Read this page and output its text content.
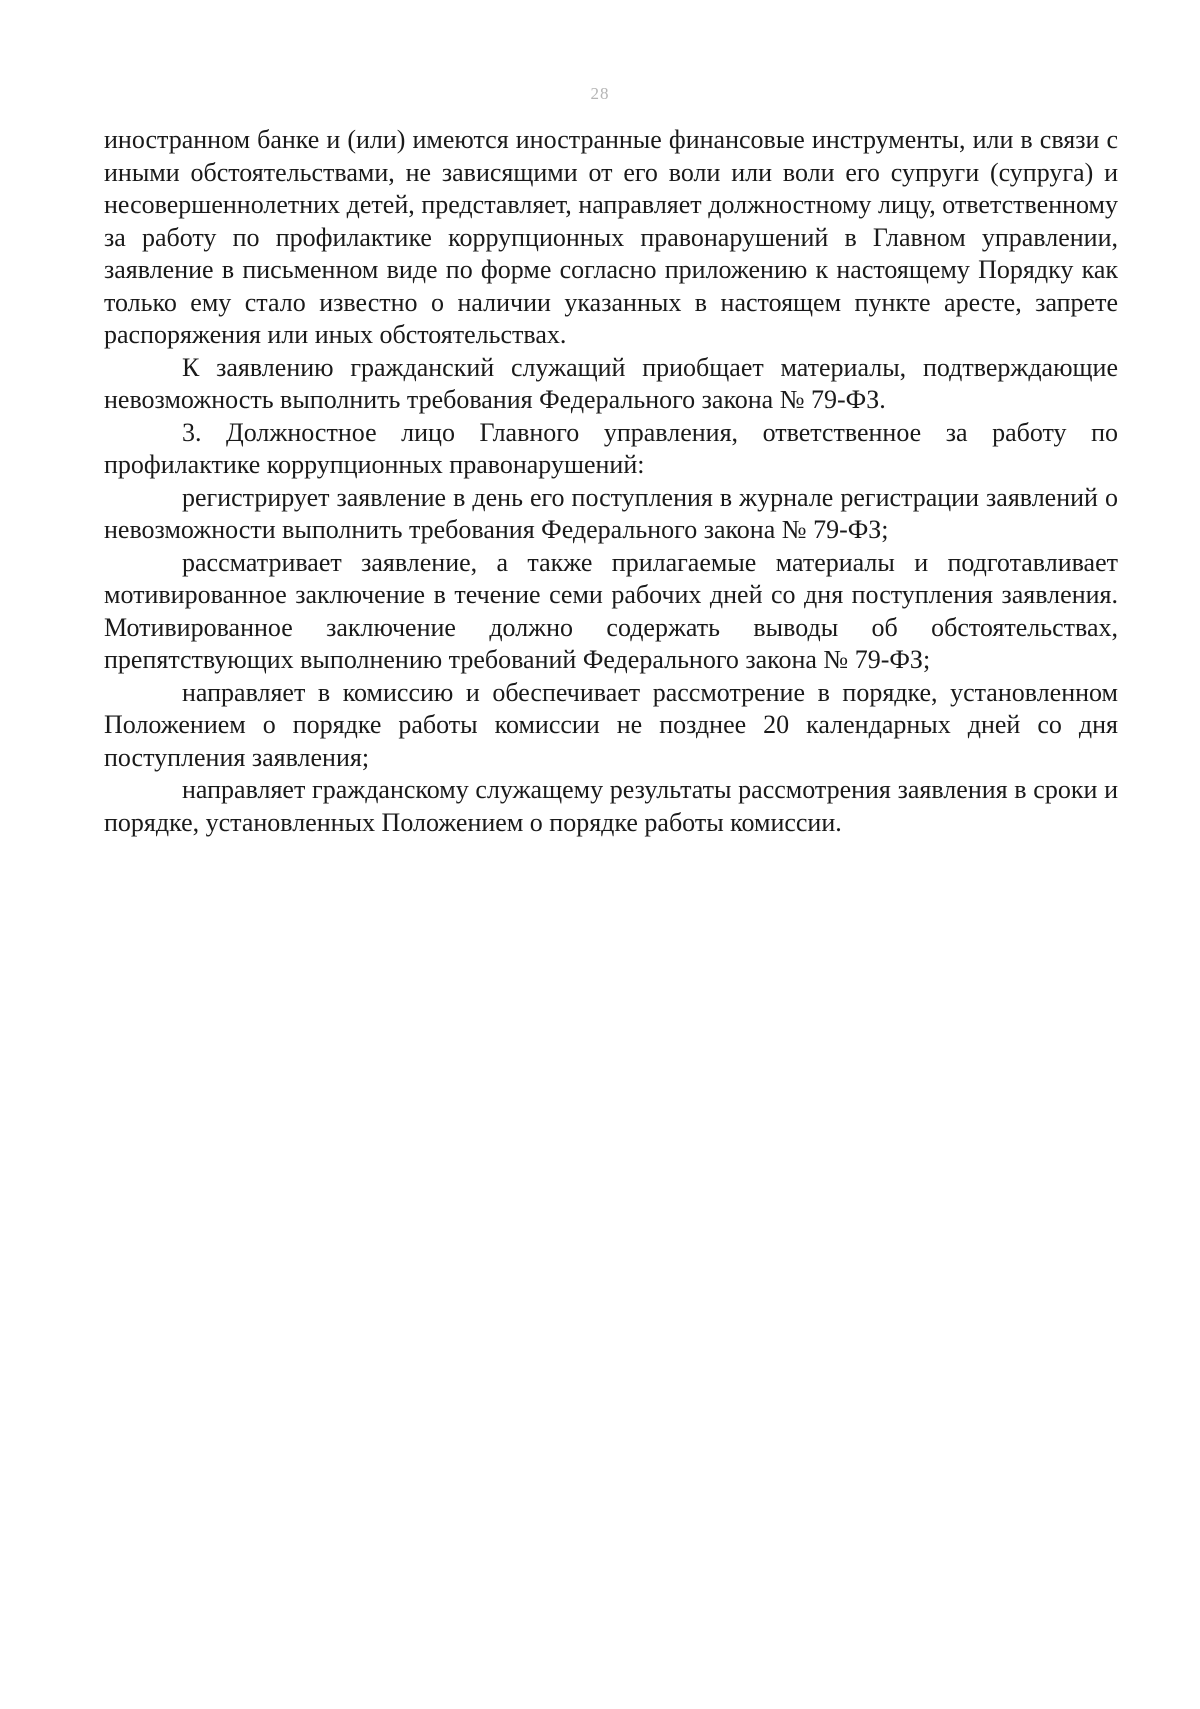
28

иностранном банке и (или) имеются иностранные финансовые инструменты, или в связи с иными обстоятельствами, не зависящими от его воли или воли его супруги (супруга) и несовершеннолетних детей, представляет, направляет должностному лицу, ответственному за работу по профилактике коррупционных правонарушений в Главном управлении, заявление в письменном виде по форме согласно приложению к настоящему Порядку как только ему стало известно о наличии указанных в настоящем пункте аресте, запрете распоряжения или иных обстоятельствах.

К заявлению гражданский служащий приобщает материалы, подтверждающие невозможность выполнить требования Федерального закона № 79-ФЗ.

3. Должностное лицо Главного управления, ответственное за работу по профилактике коррупционных правонарушений:

регистрирует заявление в день его поступления в журнале регистрации заявлений о невозможности выполнить требования Федерального закона № 79-ФЗ;

рассматривает заявление, а также прилагаемые материалы и подготавливает мотивированное заключение в течение семи рабочих дней со дня поступления заявления. Мотивированное заключение должно содержать выводы об обстоятельствах, препятствующих выполнению требований Федерального закона № 79-ФЗ;

направляет в комиссию и обеспечивает рассмотрение в порядке, установленном Положением о порядке работы комиссии не позднее 20 календарных дней со дня поступления заявления;

направляет гражданскому служащему результаты рассмотрения заявления в сроки и порядке, установленных Положением о порядке работы комиссии.
